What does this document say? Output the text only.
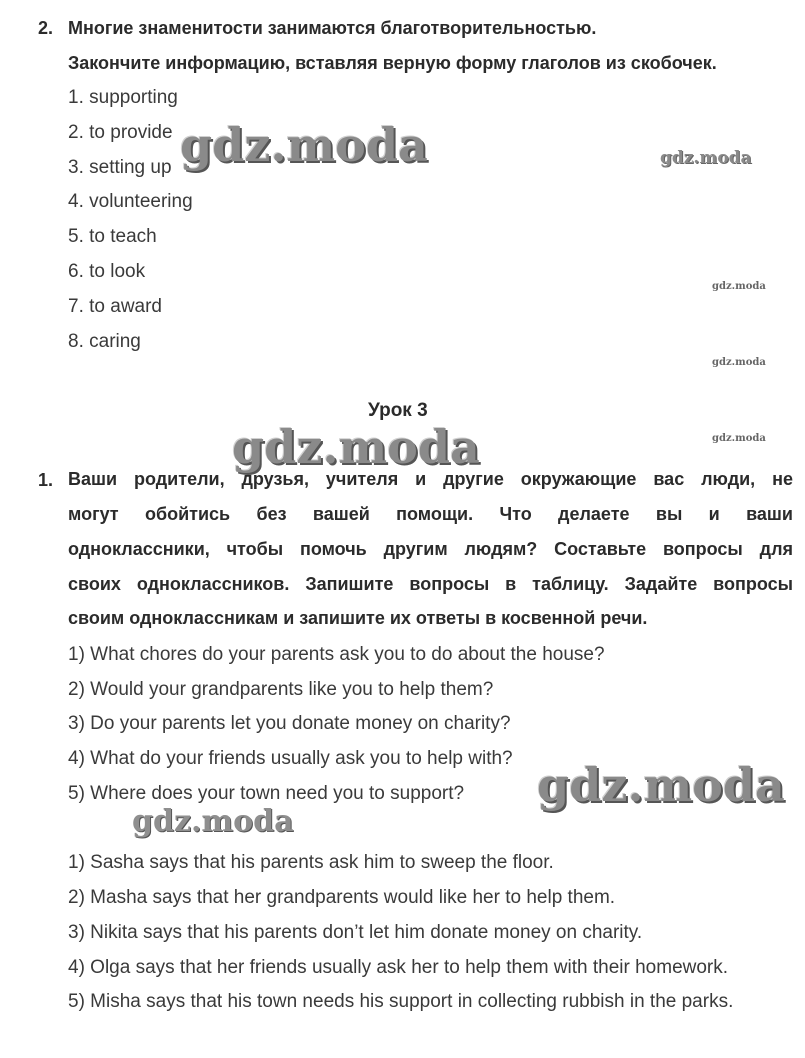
2. Многие знаменитости занимаются благотворительностью.
Закончите информацию, вставляя верную форму глаголов из скобочек.
1. supporting
2. to provide
3. setting up
4. volunteering
5. to teach
6. to look
7. to award
8. caring
Урок 3
1. Ваши родители, друзья, учителя и другие окружающие вас люди, не
могут обойтись без вашей помощи. Что делаете вы и ваши
одноклассники, чтобы помочь другим людям? Составьте вопросы для
своих одноклассников. Запишите вопросы в таблицу. Задайте вопросы
своим одноклассникам и запишите их ответы в косвенной речи.
1) What chores do your parents ask you to do about the house?
2) Would your grandparents like you to help them?
3) Do your parents let you donate money on charity?
4) What do your friends usually ask you to help with?
5) Where does your town need you to support?
1) Sasha says that his parents ask him to sweep the floor.
2) Masha says that her grandparents would like her to help them.
3) Nikita says that his parents don’t let him donate money on charity.
4) Olga says that her friends usually ask her to help them with their homework.
5) Misha says that his town needs his support in collecting rubbish in the parks.
gdz.moda	gdz.moda
gdz.moda
gdz.moda
gdz.moda	gdz.moda
gdz.moda
gdz.moda
